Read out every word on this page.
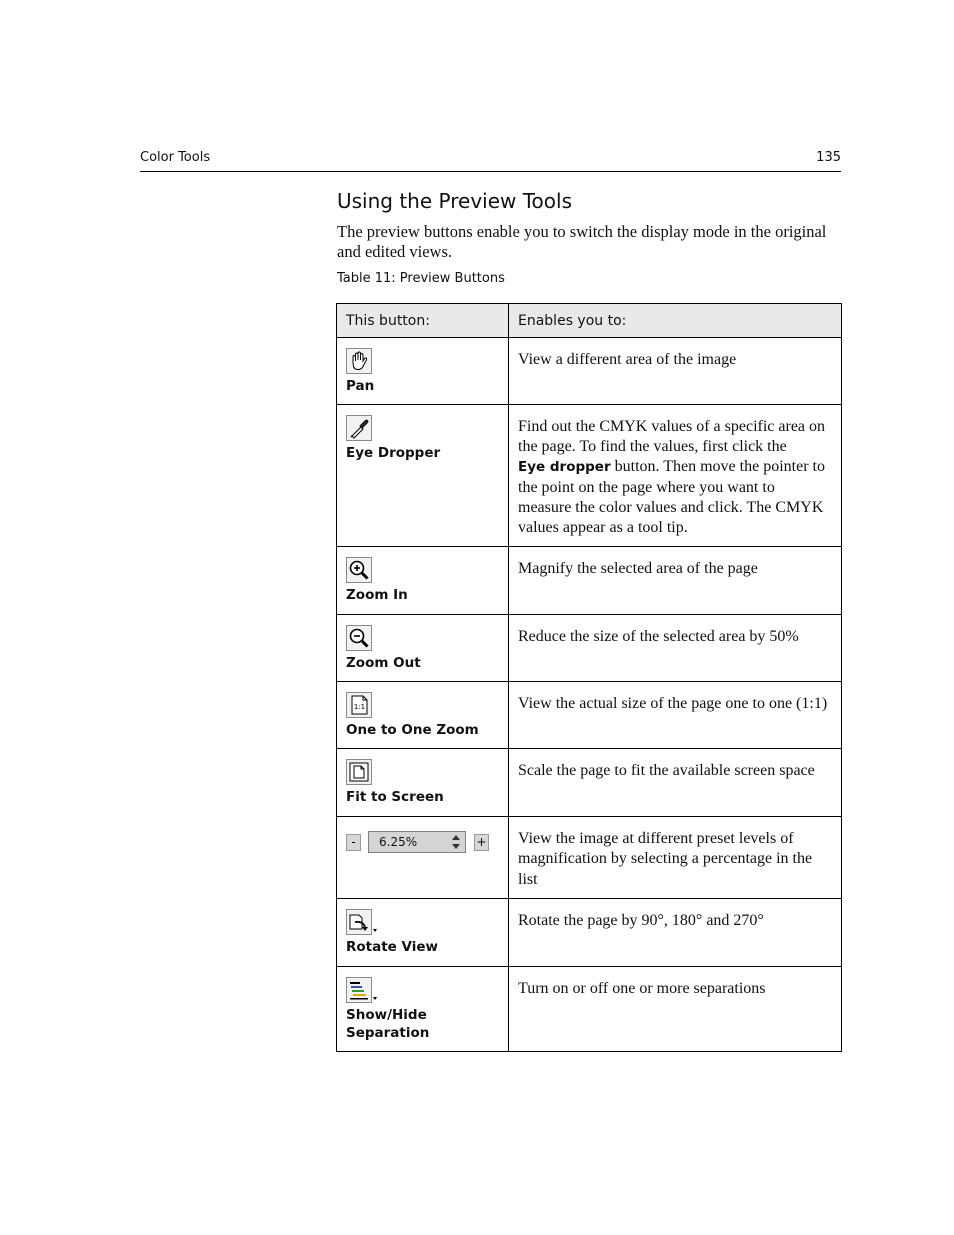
Color Tools	135
Using the Preview Tools

The preview buttons enable you to switch the display mode in the original and edited views.

Table 11: Preview Buttons
This button:	Enables you to:

Pan	View a different area of the image

Eye Dropper	Find out the CMYK values of a specific area on the page. To find the values, first click the
Eye dropper button. Then move the pointer to the point on the page where you want to measure the color values and click. The CMYK values appear as a tool tip.

Zoom In	Magnify the selected area of the page

Zoom Out	Reduce the size of the selected area by 50%

1:1
One to One Zoom	View the actual size of the page one to one (1:1)

Fit to Screen	Scale the page to fit the available screen space

- 6.25% +	View the image at different preset levels of magnification by selecting a percentage in the list

Rotate View	Rotate the page by 90°, 180° and 270°

Show/Hide
Separation	Turn on or off one or more separations
